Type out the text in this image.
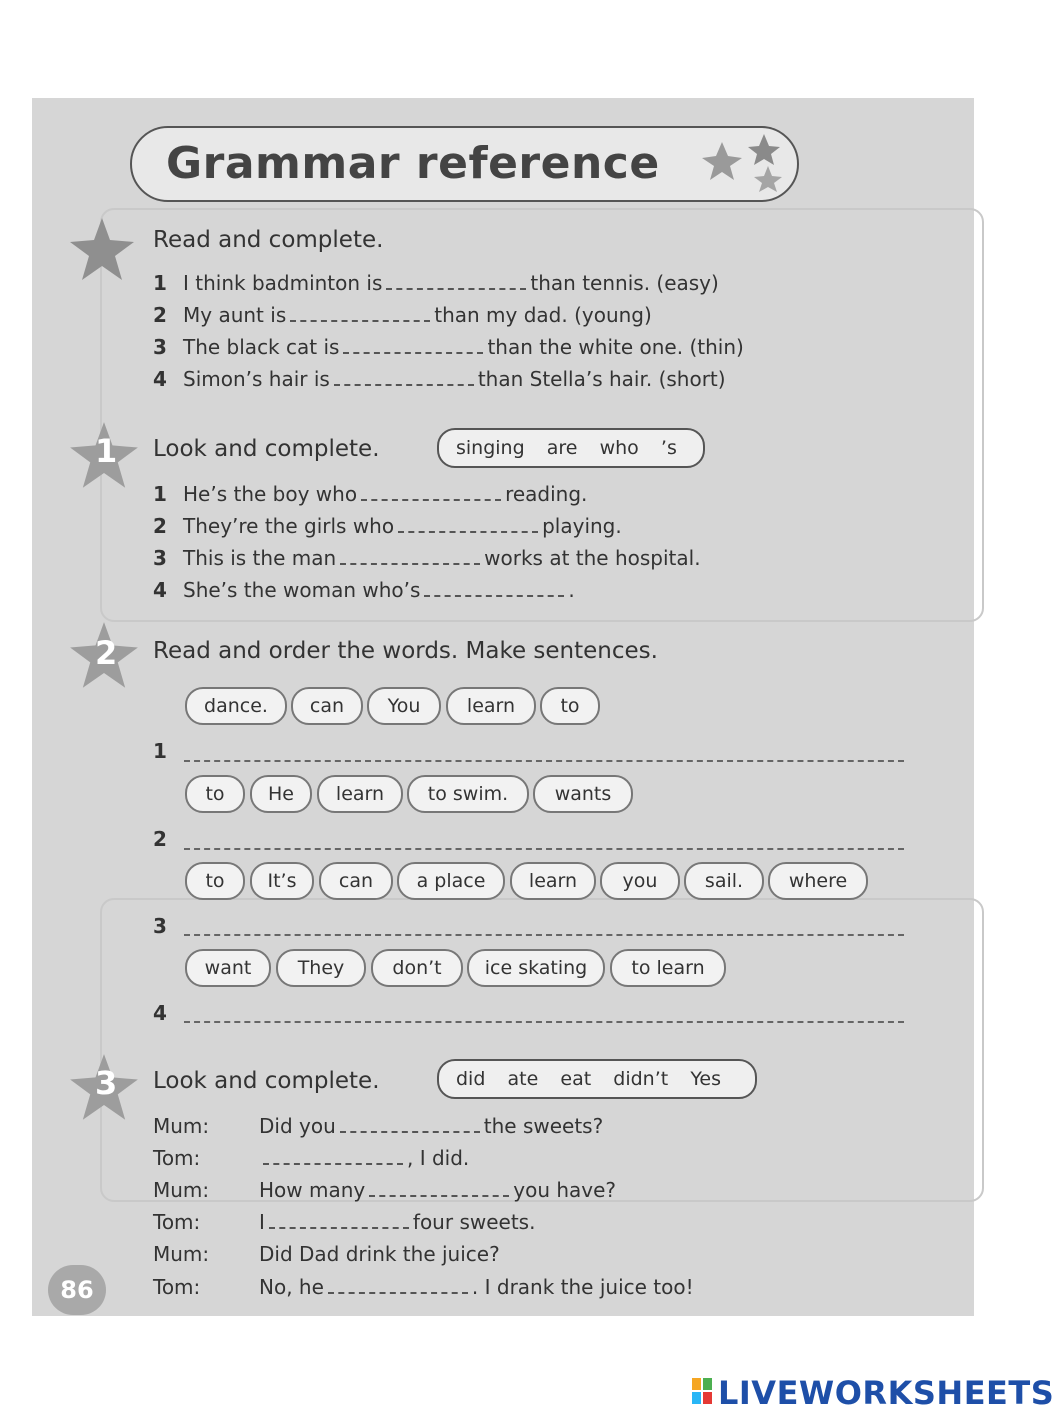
Grammar reference
Read and complete.
1 I think badminton is	than tennis. (easy)
2 My aunt is	than my dad. (young)
3 The black cat is	than the white one. (thin)
4 Simon’s hair is	than Stella’s hair. (short)
1 Look and complete.	singing are who ’s
1 He’s the boy who	reading.
2 They’re the girls who	playing.
3 This is the man	works at the hospital.
4 She’s the woman who’s	.
2 Read and order the words. Make sentences.
dance.	can	You	learn	to
1
to	He	learn	to swim.	wants
2
to	It’s	can	a place	learn	you	sail.	where
3
want	They	don’t	ice skating	to learn
4
3 Look and complete.	did ate eat didn’t Yes
Mum: Did you	the sweets?
Tom:	, I did.
Mum: How many	you have?
Tom:	I	four sweets.
Mum: Did Dad drink the juice?
Tom:	No, he	. I drank the juice too!
86
LIVEWORKSHEETS
